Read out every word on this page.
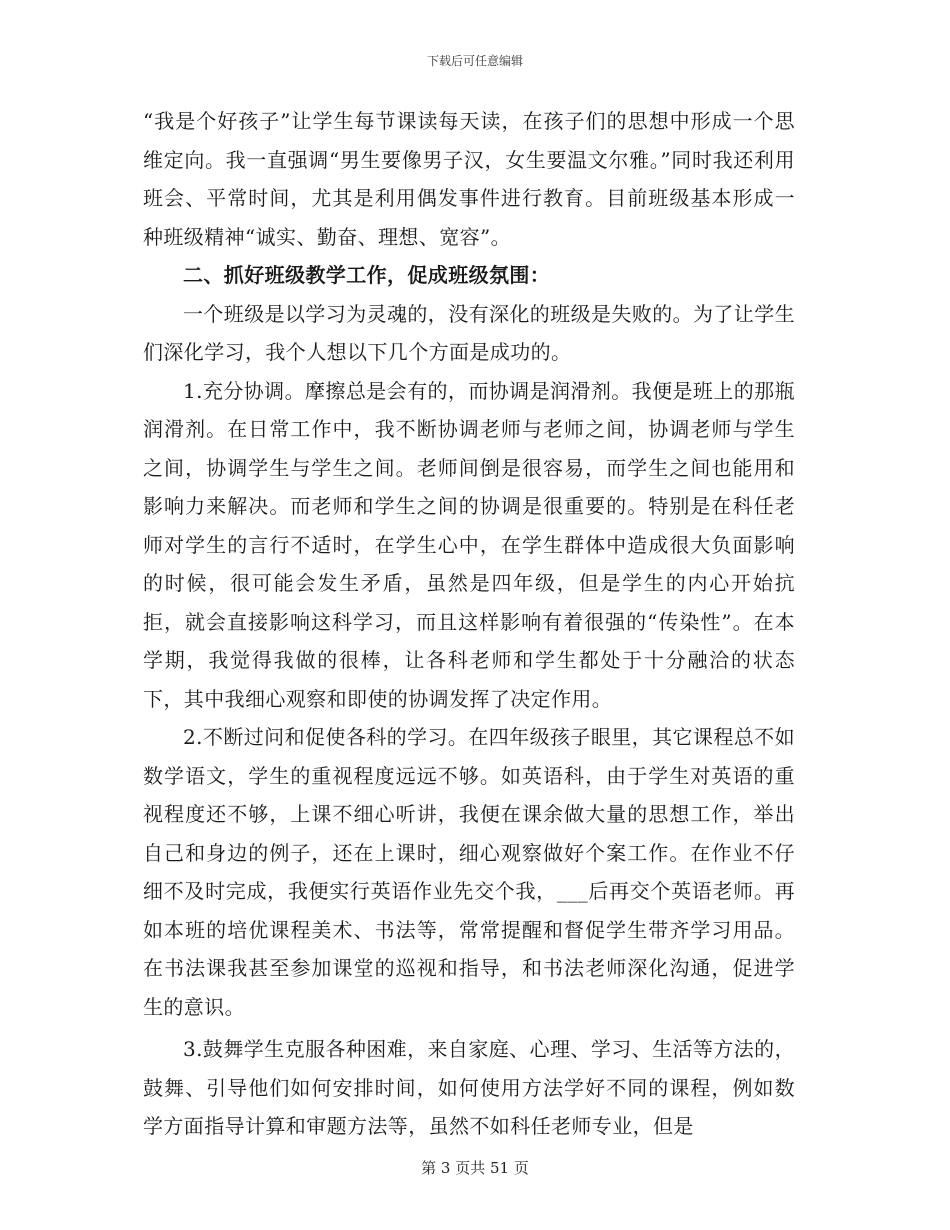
下载后可任意编辑

“我是个好孩子”让学生每节课读每天读，在孩子们的思想中形成一个思维定向。我一直强调“男生要像男子汉，女生要温文尔雅。”同时我还利用班会、平常时间，尤其是利用偶发事件进行教育。目前班级基本形成一种班级精神“诚实、勤奋、理想、宽容”。

二、抓好班级教学工作，促成班级氛围：

一个班级是以学习为灵魂的，没有深化的班级是失败的。为了让学生们深化学习，我个人想以下几个方面是成功的。

1.充分协调。摩擦总是会有的，而协调是润滑剂。我便是班上的那瓶润滑剂。在日常工作中，我不断协调老师与老师之间，协调老师与学生之间，协调学生与学生之间。老师间倒是很容易，而学生之间也能用和影响力来解决。而老师和学生之间的协调是很重要的。特别是在科任老师对学生的言行不适时，在学生心中，在学生群体中造成很大负面影响的时候，很可能会发生矛盾，虽然是四年级，但是学生的内心开始抗拒，就会直接影响这科学习，而且这样影响有着很强的“传染性”。在本学期，我觉得我做的很棒，让各科老师和学生都处于十分融洽的状态下，其中我细心观察和即使的协调发挥了决定作用。

2.不断过问和促使各科的学习。在四年级孩子眼里，其它课程总不如数学语文，学生的重视程度远远不够。如英语科，由于学生对英语的重视程度还不够，上课不细心听讲，我便在课余做大量的思想工作，举出自己和身边的例子，还在上课时，细心观察做好个案工作。在作业不仔细不及时完成，我便实行英语作业先交个我，___后再交个英语老师。再如本班的培优课程美术、书法等，常常提醒和督促学生带齐学习用品。在书法课我甚至参加课堂的巡视和指导，和书法老师深化沟通，促进学生的意识。

3.鼓舞学生克服各种困难，来自家庭、心理、学习、生活等方法的，鼓舞、引导他们如何安排时间，如何使用方法学好不同的课程，例如数学方面指导计算和审题方法等，虽然不如科任老师专业，但是

第 3 页共 51 页
